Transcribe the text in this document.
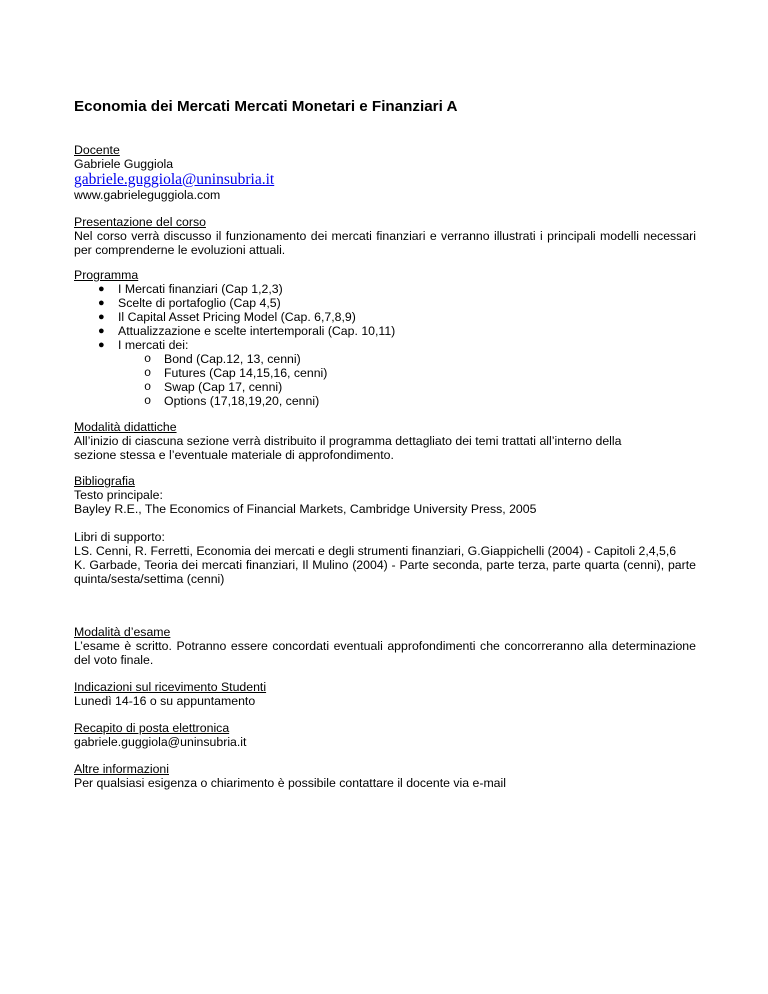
Economia dei Mercati Mercati Monetari e Finanziari A
Docente
Gabriele Guggiola
gabriele.guggiola@uninsubria.it
www.gabrieleguggiola.com
Presentazione del corso
Nel corso verrà discusso il funzionamento dei mercati finanziari e verranno illustrati i principali modelli necessari per comprenderne le evoluzioni attuali.
Programma
● I Mercati finanziari (Cap 1,2,3)
● Scelte di portafoglio (Cap 4,5)
● Il Capital Asset Pricing Model (Cap. 6,7,8,9)
● Attualizzazione e scelte intertemporali (Cap. 10,11)
● I mercati dei:
o Bond (Cap.12, 13, cenni)
o Futures (Cap 14,15,16, cenni)
o Swap (Cap 17, cenni)
o Options (17,18,19,20, cenni)
Modalità didattiche
All’inizio di ciascuna sezione verrà distribuito il programma dettagliato dei temi trattati all’interno della
sezione stessa e l’eventuale materiale di approfondimento.
Bibliografia
Testo principale:
Bayley R.E., The Economics of Financial Markets, Cambridge University Press, 2005
Libri di supporto:
LS. Cenni, R. Ferretti, Economia dei mercati e degli strumenti finanziari, G.Giappichelli (2004) - Capitoli 2,4,5,6
K. Garbade, Teoria dei mercati finanziari, Il Mulino (2004) - Parte seconda, parte terza, parte quarta (cenni), parte quinta/sesta/settima (cenni)
Modalità d’esame
L’esame è scritto. Potranno essere concordati eventuali approfondimenti che concorreranno alla determinazione del voto finale.
Indicazioni sul ricevimento Studenti
Lunedì 14-16 o su appuntamento
Recapito di posta elettronica
gabriele.guggiola@uninsubria.it
Altre informazioni
Per qualsiasi esigenza o chiarimento è possibile contattare il docente via e-mail
